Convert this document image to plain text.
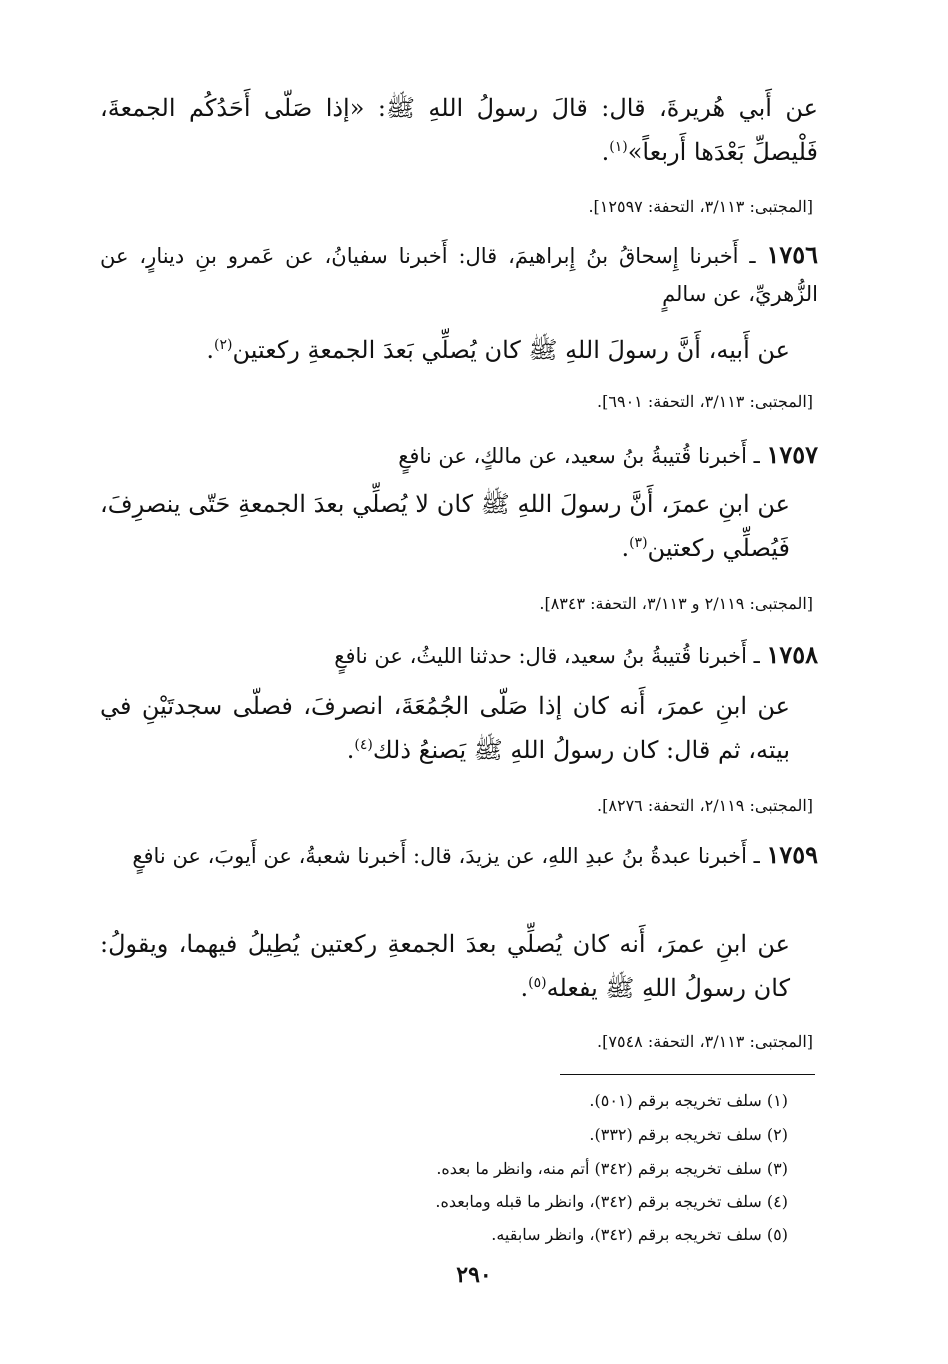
عن أَبي هُريرةَ، قال: قالَ رسولُ اللهِ ﷺ: «إذا صَلّى أَحَدُكُم الجمعةَ، فَلْيصلِّ بَعْدَها أَربعاً»$^{(١)}$.
[المجتبى: ٣/١١٣، التحفة: ١٢٥٩٧].
١٧٥٦ ـ أَخبرنا إِسحاقُ بنُ إِبراهيمَ، قال: أَخبرنا سفيانُ، عن عَمرو بنِ دينارٍ، عن الزُّهريِّ، عن سالمٍ
عن أَبيه، أَنَّ رسولَ اللهِ ﷺ كان يُصلِّي بَعدَ الجمعةِ ركعتين$^{(٢)}$.
[المجتبى: ٣/١١٣، التحفة: ٦٩٠١].
١٧٥٧ ـ أَخبرنا قُتيبةُ بنُ سعيد، عن مالكٍ، عن نافعٍ
عن ابنِ عمرَ، أَنَّ رسولَ اللهِ ﷺ كان لا يُصلِّي بعدَ الجمعةِ حَتّى ينصرِفَ، فَيُصلِّي ركعتين$^{(٣)}$.
[المجتبى: ٢/١١٩ و ٣/١١٣، التحفة: ٨٣٤٣].
١٧٥٨ ـ أَخبرنا قُتيبةُ بنُ سعيد، قال: حدثنا الليثُ، عن نافعٍ
عن ابنِ عمرَ، أَنه كان إذا صَلّى الجُمُعَةَ، انصرفَ، فصلّى سجدتَيْنِ في بيته، ثم قال: كان رسولُ اللهِ ﷺ يَصنعُ ذلك$^{(٤)}$.
[المجتبى: ٢/١١٩، التحفة: ٨٢٧٦].
١٧٥٩ ـ أَخبرنا عبدةُ بنُ عبدِ اللهِ، عن يزيدَ، قال: أَخبرنا شعبةُ، عن أَيوبَ، عن نافعٍ
عن ابنِ عمرَ، أَنه كان يُصلِّي بعدَ الجمعةِ ركعتين يُطِيلُ فيهما، ويقولُ: كان رسولُ اللهِ ﷺ يفعله$^{(٥)}$.
[المجتبى: ٣/١١٣، التحفة: ٧٥٤٨].
(١) سلف تخريجه برقم (٥٠١).
(٢) سلف تخريجه برقم (٣٣٢).
(٣) سلف تخريجه برقم (٣٤٢) أتم منه، وانظر ما بعده.
(٤) سلف تخريجه برقم (٣٤٢)، وانظر ما قبله ومابعده.
(٥) سلف تخريجه برقم (٣٤٢)، وانظر سابقيه.
٢٩٠
